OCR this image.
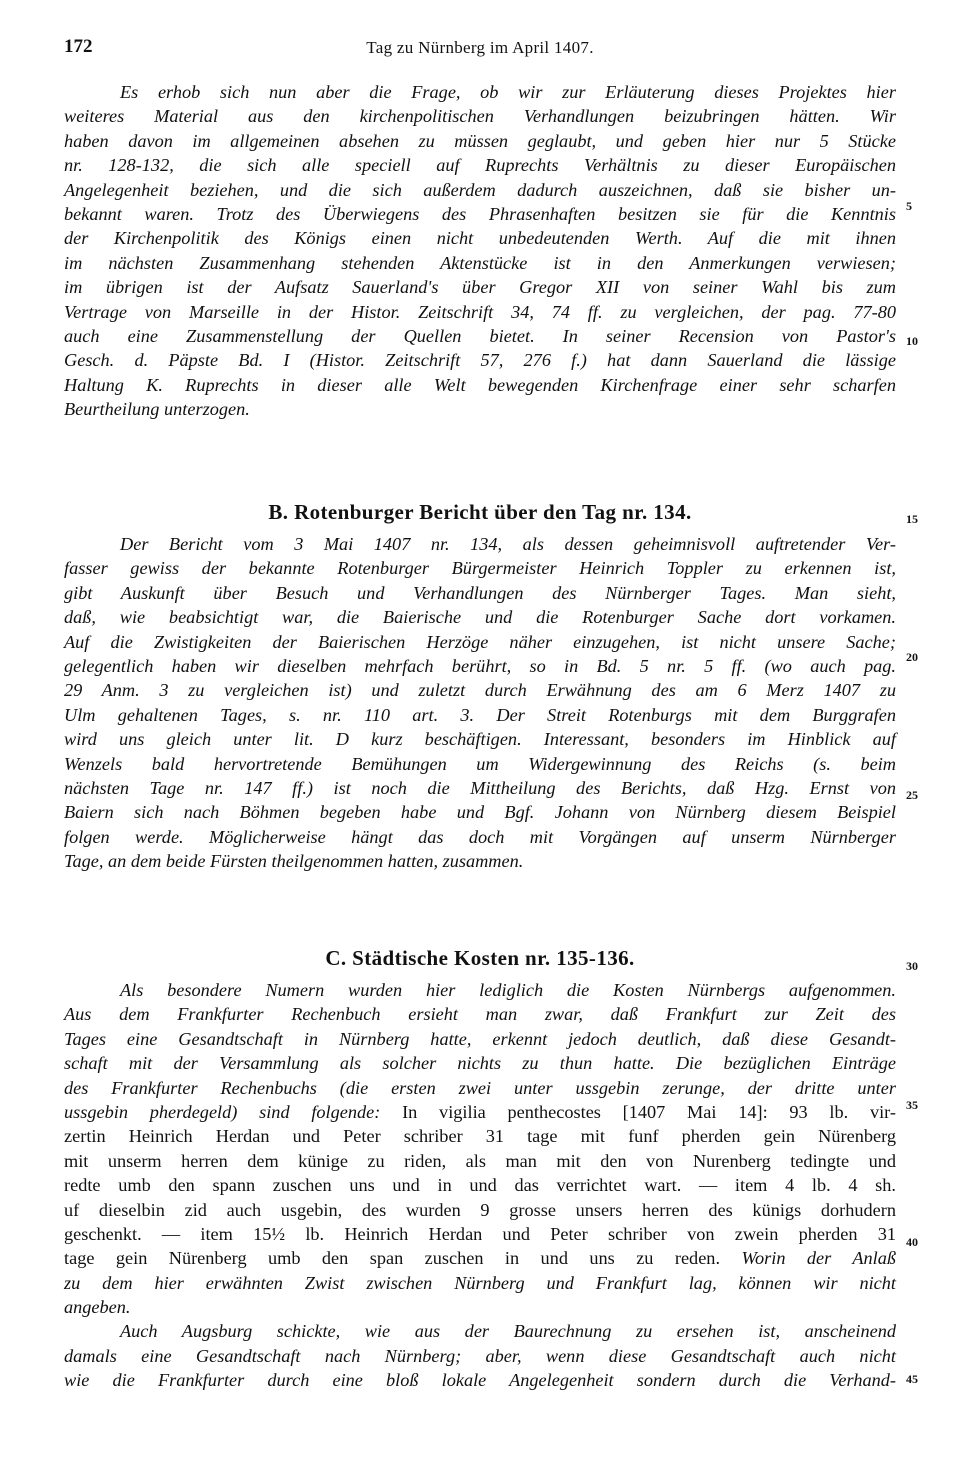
172	Tag zu Nürnberg im April 1407.
Es erhob sich nun aber die Frage, ob wir zur Erläuterung dieses Projektes hier
weiteres Material aus den kirchenpolitischen Verhandlungen beizubringen hätten. Wir
haben davon im allgemeinen absehen zu müssen geglaubt, und geben hier nur 5 Stücke
nr. 128-132, die sich alle speciell auf Ruprechts Verhältnis zu dieser Europäischen
Angelegenheit beziehen, und die sich außerdem dadurch auszeichnen, daß sie bisher un-
bekannt waren. Trotz des Überwiegens des Phrasenhaften besitzen sie für die Kenntnis
der Kirchenpolitik des Königs einen nicht unbedeutenden Werth. Auf die mit ihnen
im nächsten Zusammenhang stehenden Aktenstücke ist in den Anmerkungen verwiesen;
im übrigen ist der Aufsatz Sauerland's über Gregor XII von seiner Wahl bis zum
Vertrage von Marseille in der Histor. Zeitschrift 34, 74 ff. zu vergleichen, der pag. 77-80
auch eine Zusammenstellung der Quellen bietet. In seiner Recension von Pastor's
Gesch. d. Päpste Bd. I (Histor. Zeitschrift 57, 276 f.) hat dann Sauerland die lässige
Haltung K. Ruprechts in dieser alle Welt bewegenden Kirchenfrage einer sehr scharfen
Beurtheilung unterzogen.
B. Rotenburger Bericht über den Tag nr. 134.
Der Bericht vom 3 Mai 1407 nr. 134, als dessen geheimnisvoll auftretender Ver-
fasser gewiss der bekannte Rotenburger Bürgermeister Heinrich Toppler zu erkennen ist,
gibt Auskunft über Besuch und Verhandlungen des Nürnberger Tages. Man sieht,
daß, wie beabsichtigt war, die Baierische und die Rotenburger Sache dort vorkamen.
Auf die Zwistigkeiten der Baierischen Herzöge näher einzugehen, ist nicht unsere Sache;
gelegentlich haben wir dieselben mehrfach berührt, so in Bd. 5 nr. 5 ff. (wo auch pag.
29 Anm. 3 zu vergleichen ist) und zuletzt durch Erwähnung des am 6 Merz 1407 zu
Ulm gehaltenen Tages, s. nr. 110 art. 3. Der Streit Rotenburgs mit dem Burggrafen
wird uns gleich unter lit. D kurz beschäftigen. Interessant, besonders im Hinblick auf
Wenzels bald hervortretende Bemühungen um Widergewinnung des Reichs (s. beim
nächsten Tage nr. 147 ff.) ist noch die Mittheilung des Berichts, daß Hzg. Ernst von
Baiern sich nach Böhmen begeben habe und Bgf. Johann von Nürnberg diesem Beispiel
folgen werde. Möglicherweise hängt das doch mit Vorgängen auf unserm Nürnberger
Tage, an dem beide Fürsten theilgenommen hatten, zusammen.
C. Städtische Kosten nr. 135-136.
Als besondere Numern wurden hier lediglich die Kosten Nürnbergs aufgenommen.
Aus dem Frankfurter Rechenbuch ersieht man zwar, daß Frankfurt zur Zeit des
Tages eine Gesandtschaft in Nürnberg hatte, erkennt jedoch deutlich, daß diese Gesandt-
schaft mit der Versammlung als solcher nichts zu thun hatte. Die bezüglichen Einträge
des Frankfurter Rechenbuchs (die ersten zwei unter ussgebin zerunge, der dritte unter
ussgebin pherdegeld) sind folgende: In vigilia penthecostes [1407 Mai 14]: 93 lb. vir-
zertin Heinrich Herdan und Peter schriber 31 tage mit funf pherden gein Nürenberg
mit unserm herren dem künige zu riden, als man mit den von Nurenberg tedingte und
redte umb den spann zuschen uns und in und das verrichtet wart. — item 4 lb. 4 sh.
uf dieselbin zid auch usgebin, des wurden 9 grosse unsers herren des künigs dorhudern
geschenkt. — item 15½ lb. Heinrich Herdan und Peter schriber von zwein pherden 31
tage gein Nürenberg umb den span zuschen in und uns zu reden. Worin der Anlaß
zu dem hier erwähnten Zwist zwischen Nürnberg und Frankfurt lag, können wir nicht
angeben.
Auch Augsburg schickte, wie aus der Baurechnung zu ersehen ist, anscheinend
damals eine Gesandtschaft nach Nürnberg; aber, wenn diese Gesandtschaft auch nicht
wie die Frankfurter durch eine bloß lokale Angelegenheit sondern durch die Verhand-
5
10
15
20
25
30
35
40
45
